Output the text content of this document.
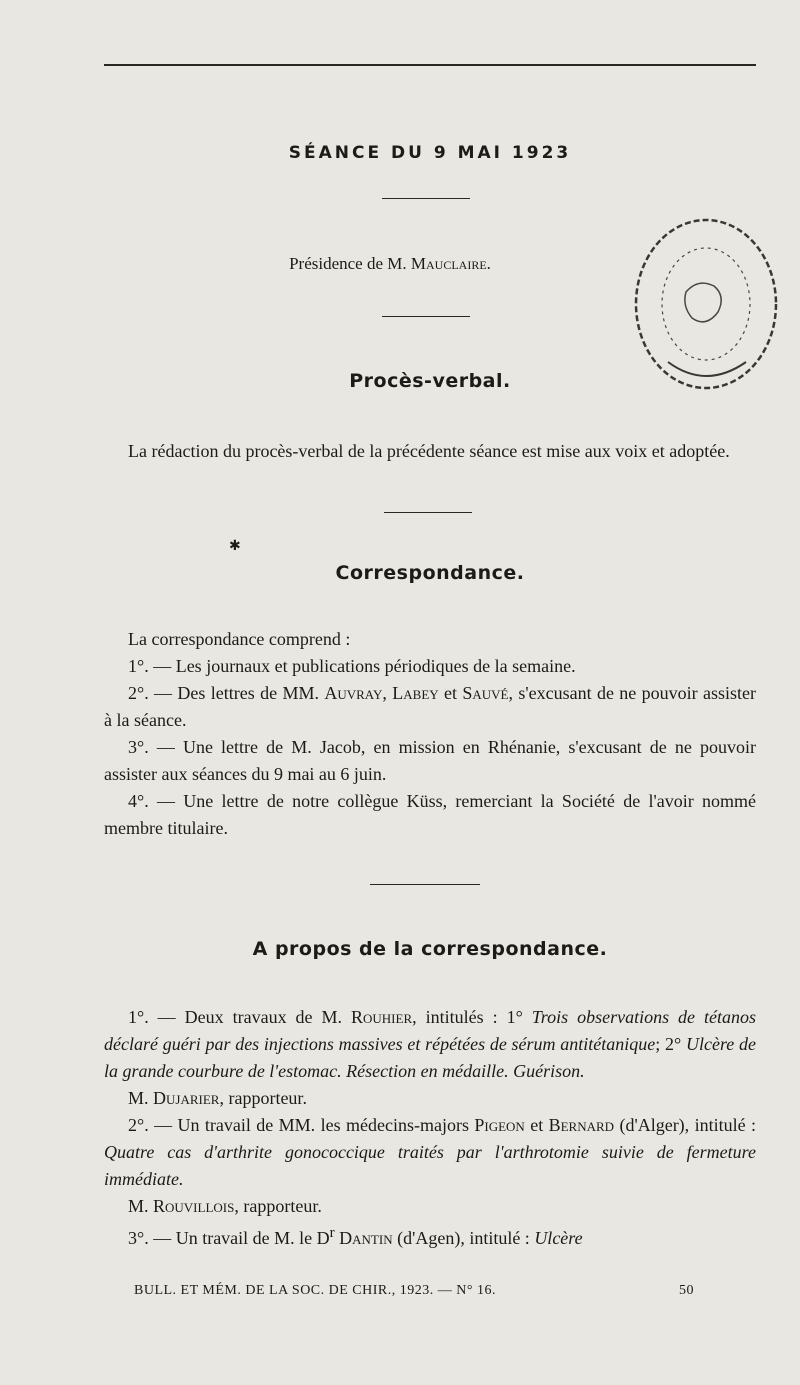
SÉANCE DU 9 MAI 1923
Présidence de M. Mauclaire.
Procès-verbal.

La rédaction du procès-verbal de la précédente séance est mise aux voix et adoptée.

✱
Correspondance.

La correspondance comprend :

1°. — Les journaux et publications périodiques de la semaine.

2°. — Des lettres de MM. Auvray, Labey et Sauvé, s'excusant de ne pouvoir assister à la séance.

3°. — Une lettre de M. Jacob, en mission en Rhénanie, s'excusant de ne pouvoir assister aux séances du 9 mai au 6 juin.

4°. — Une lettre de notre collègue Küss, remerciant la Société de l'avoir nommé membre titulaire.

A propos de la correspondance.

1°. — Deux travaux de M. Rouhier, intitulés : 1° Trois observations de tétanos déclaré guéri par des injections massives et répétées de sérum antitétanique; 2° Ulcère de la grande courbure de l'estomac. Résection en médaille. Guérison.

M. Dujarier, rapporteur.

2°. — Un travail de MM. les médecins-majors Pigeon et Bernard (d'Alger), intitulé : Quatre cas d'arthrite gonococcique traités par l'arthrotomie suivie de fermeture immédiate.

M. Rouvillois, rapporteur.

3°. — Un travail de M. le $D^r$ Dantin (d'Agen), intitulé : Ulcère

BULL. ET MÉM. DE LA SOC. DE CHIR., 1923. — N° 16.	50
